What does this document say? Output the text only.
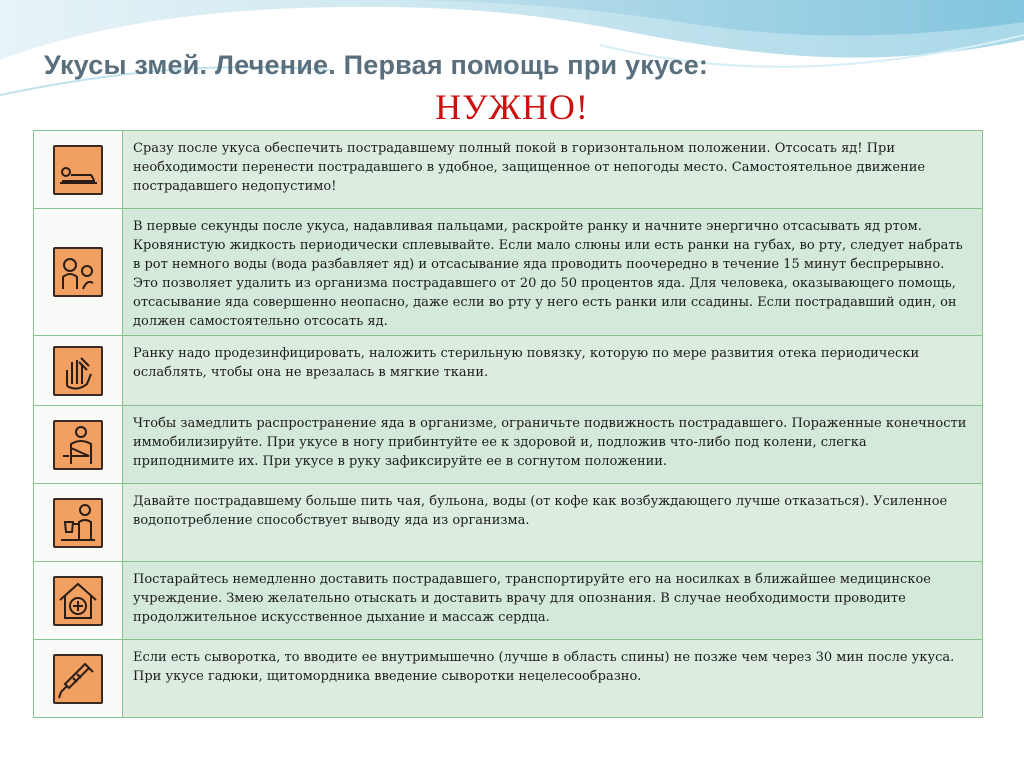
Укусы змей. Лечение. Первая помощь при укусе:
НУЖНО!
	Сразу после укуса обеспечить пострадавшему полный покой в горизонтальном положении. Отсосать яд! При необходимости перенести пострадавшего в удобное, защищенное от непогоды место. Самостоятельное движение пострадавшего недопустимо!

	В первые секунды после укуса, надавливая пальцами, раскройте ранку и начните энергично отсасывать яд ртом. Кровянистую жидкость периодически сплевывайте. Если мало слюны или есть ранки на губах, во рту, следует набрать в рот немного воды (вода разбавляет яд) и отсасывание яда проводить поочередно в течение 15 минут беспрерывно. Это позволяет удалить из организма пострадавшего от 20 до 50 процентов яда. Для человека, оказывающего помощь, отсасывание яда совершенно неопасно, даже если во рту у него есть ранки или ссадины. Если пострадавший один, он должен самостоятельно отсосать яд.

	Ранку надо продезинфицировать, наложить стерильную повязку, которую по мере развития отека периодически ослаблять, чтобы она не врезалась в мягкие ткани.

	Чтобы замедлить распространение яда в организме, ограничьте подвижность пострадавшего. Пораженные конечности иммобилизируйте. При укусе в ногу прибинтуйте ее к здоровой и, подложив что-либо под колени, слегка приподнимите их. При укусе в руку зафиксируйте ее в согнутом положении.

	Давайте пострадавшему больше пить чая, бульона, воды (от кофе как возбуждающего лучше отказаться). Усиленное водопотребление способствует выводу яда из организма.

	Постарайтесь немедленно доставить пострадавшего, транспортируйте его на носилках в ближайшее медицинское учреждение. Змею желательно отыскать и доставить врачу для опознания. В случае необходимости проводите продолжительное искусственное дыхание и массаж сердца.

	Если есть сыворотка, то вводите ее внутримышечно (лучше в область спины) не позже чем через 30 мин после укуса. При укусе гадюки, щитомордника введение сыворотки нецелесообразно.
